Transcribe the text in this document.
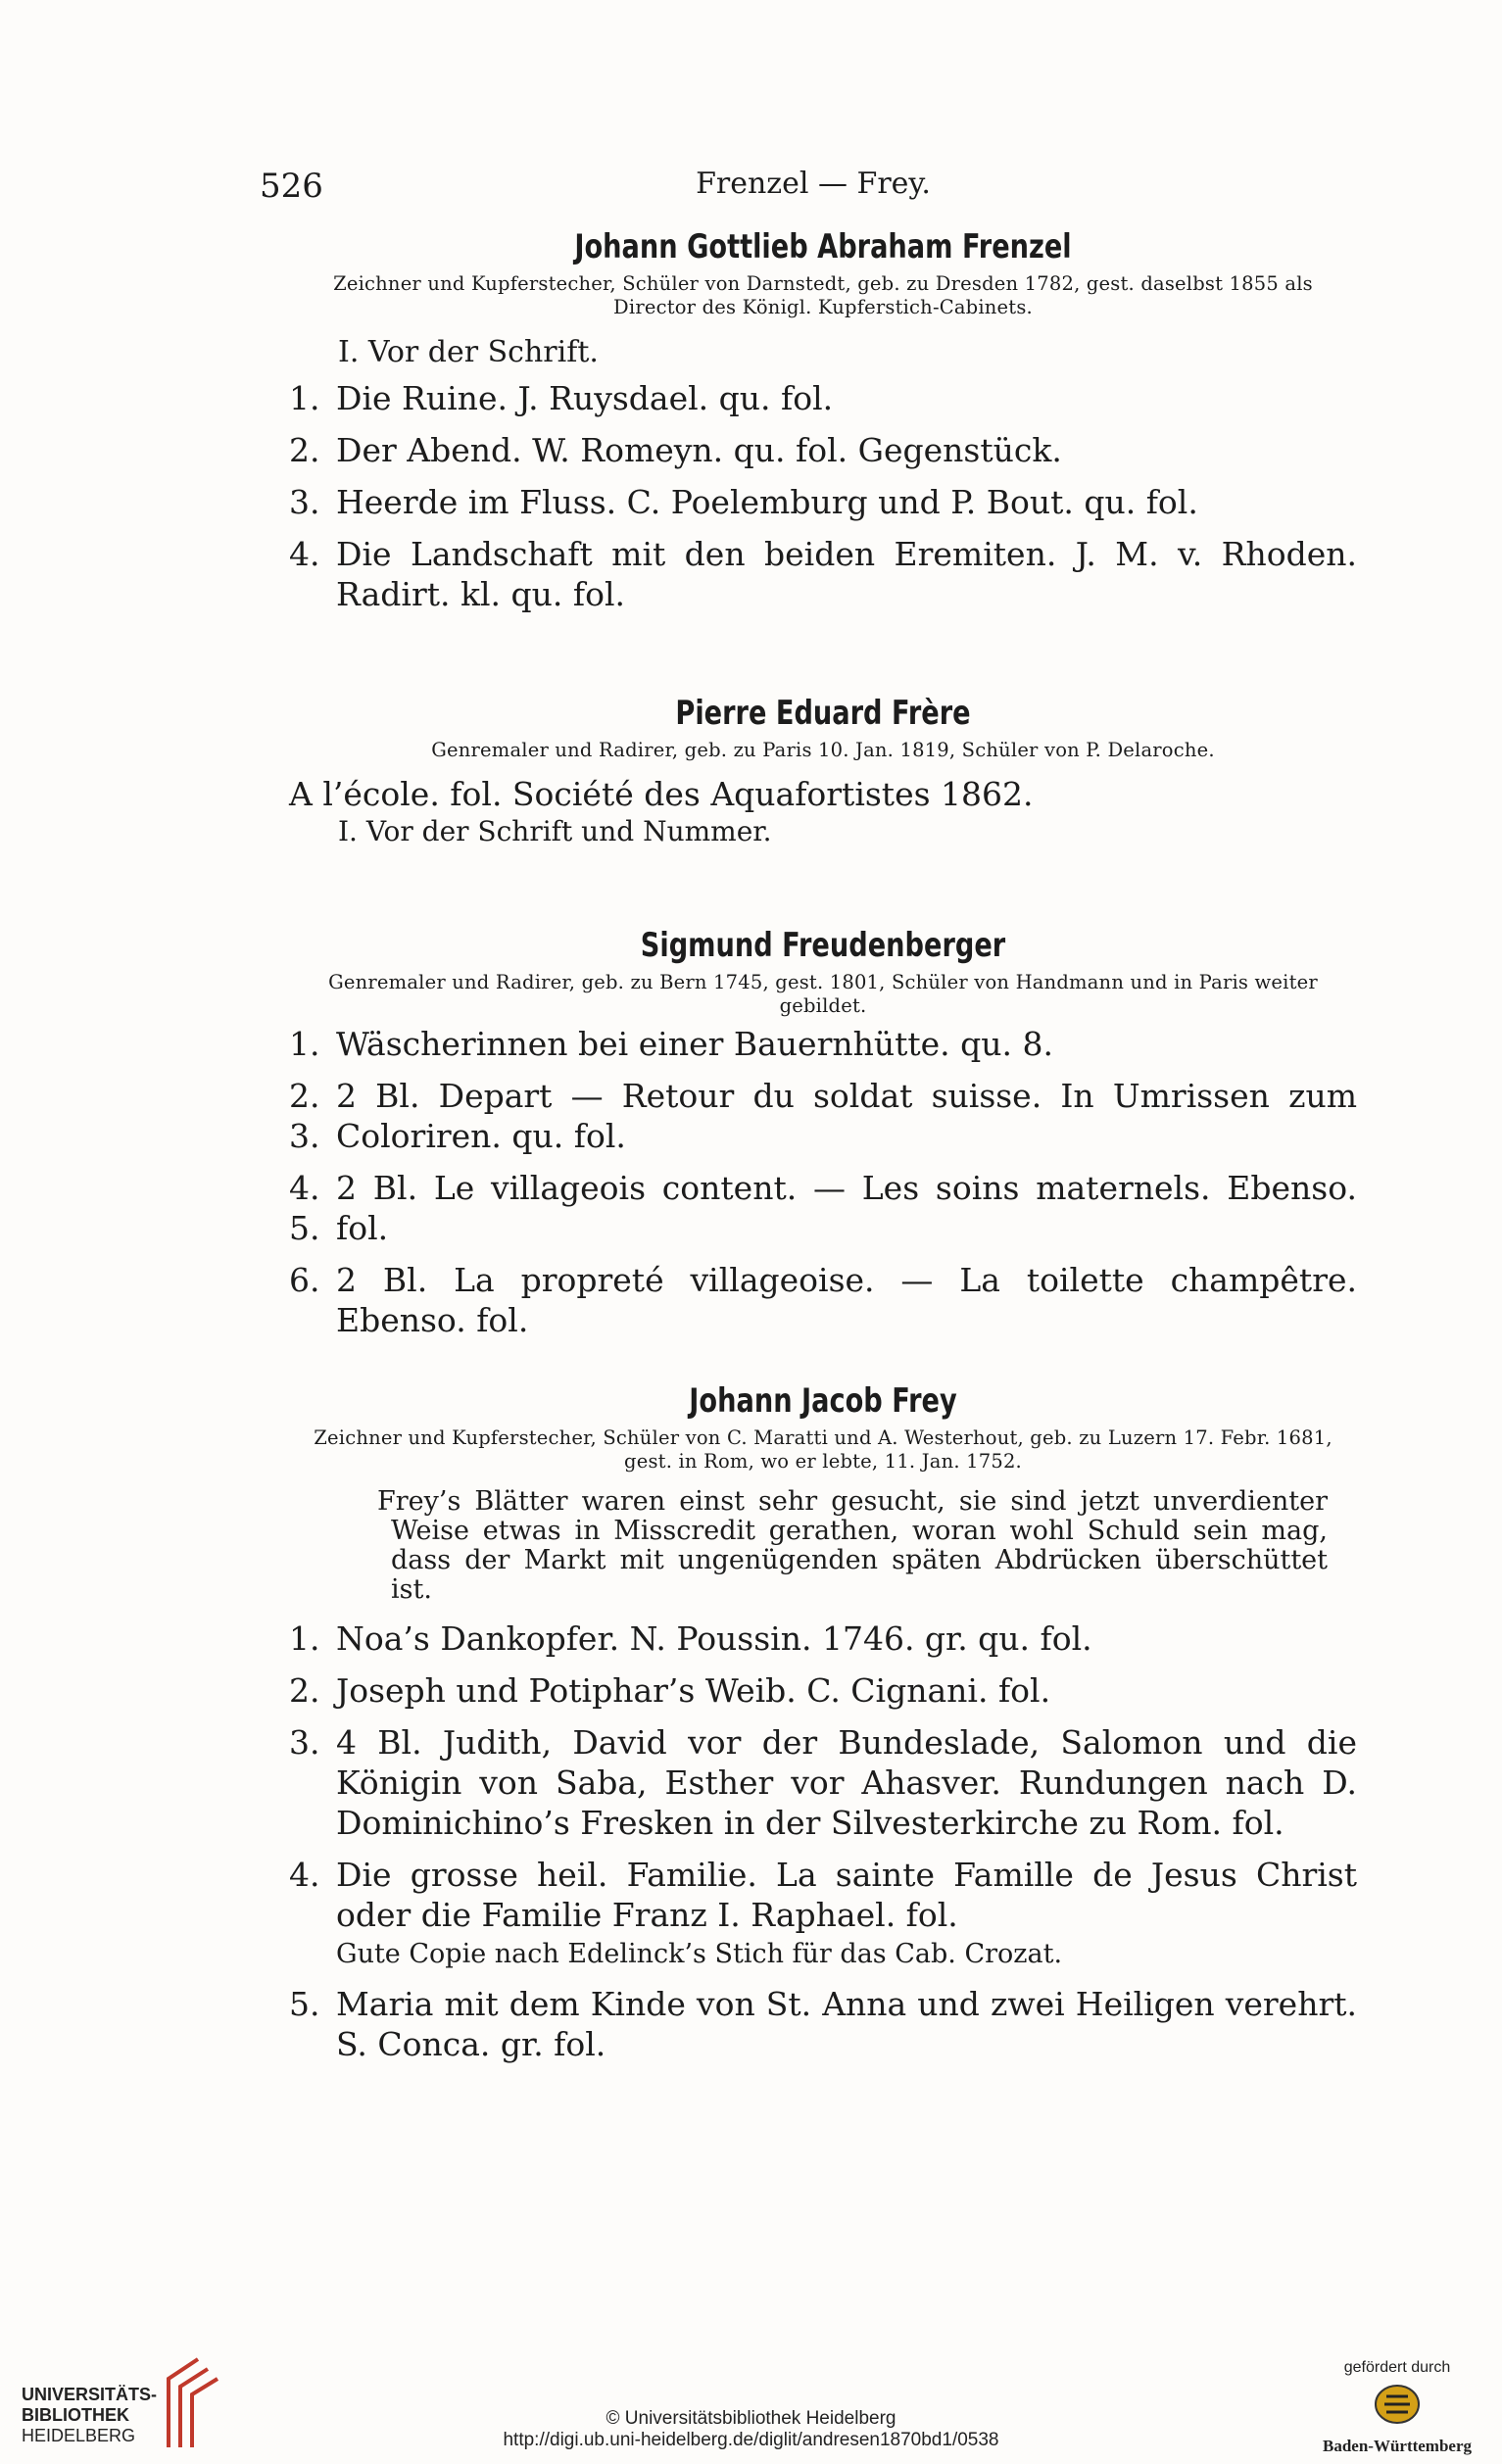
526	Frenzel — Frey.
Johann Gottlieb Abraham Frenzel
Zeichner und Kupferstecher, Schüler von Darnstedt, geb. zu Dresden 1782, gest. daselbst 1855 als Director des Königl. Kupferstich-Cabinets.
I. Vor der Schrift.
1. Die Ruine. J. Ruysdael. qu. fol.
2. Der Abend. W. Romeyn. qu. fol. Gegenstück.
3. Heerde im Fluss. C. Poelemburg und P. Bout. qu. fol.
4. Die Landschaft mit den beiden Eremiten. J. M. v. Rhoden. Radirt. kl. qu. fol.
Pierre Eduard Frère
Genremaler und Radirer, geb. zu Paris 10. Jan. 1819, Schüler von P. Delaroche.
A l’école. fol. Société des Aquafortistes 1862.
I. Vor der Schrift und Nummer.
Sigmund Freudenberger
Genremaler und Radirer, geb. zu Bern 1745, gest. 1801, Schüler von Handmann und in Paris weiter gebildet.
1. Wäscherinnen bei einer Bauernhütte. qu. 8.
2. 3.
2 Bl. Depart — Retour du soldat suisse. In Umrissen zum Coloriren. qu. fol.
4. 5.
2 Bl. Le villageois content. — Les soins maternels. Ebenso. fol.
6. 2 Bl. La propreté villageoise. — La toilette champêtre. Ebenso. fol.
Johann Jacob Frey
Zeichner und Kupferstecher, Schüler von C. Maratti und A. Westerhout, geb. zu Luzern 17. Febr. 1681, gest. in Rom, wo er lebte, 11. Jan. 1752.
Frey’s Blätter waren einst sehr gesucht, sie sind jetzt unverdienter Weise etwas in Misscredit gerathen, woran wohl Schuld sein mag, dass der Markt mit ungenügenden späten Abdrücken überschüttet ist.
1. Noa’s Dankopfer. N. Poussin. 1746. gr. qu. fol.
2. Joseph und Potiphar’s Weib. C. Cignani. fol.
3. 4 Bl. Judith, David vor der Bundeslade, Salomon und die Königin von Saba, Esther vor Ahasver. Rundungen nach D. Dominichino’s Fresken in der Silvesterkirche zu Rom. fol.
4. Die grosse heil. Familie. La sainte Famille de Jesus Christ oder die Familie Franz I. Raphael. fol.
Gute Copie nach Edelinck’s Stich für das Cab. Crozat.
5. Maria mit dem Kinde von St. Anna und zwei Heiligen verehrt. S. Conca. gr. fol.
UNIVERSITÄTS-
BIBLIOTHEK
HEIDELBERG
© Universitätsbibliothek Heidelberg
http://digi.ub.uni-heidelberg.de/diglit/andresen1870bd1/0538
gefördert durch
Baden-Württemberg
